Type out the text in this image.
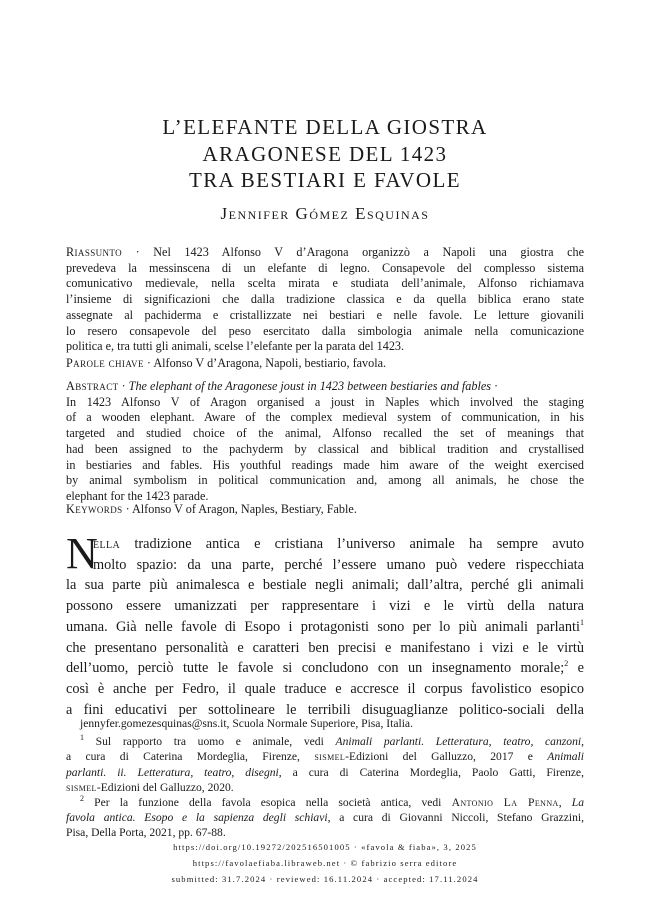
L’ELEFANTE DELLA GIOSTRA
ARAGONESE DEL 1423
TRA BESTIARI E FAVOLE
Jennifer Gómez Esquinas
Riassunto · Nel 1423 Alfonso V d’Aragona organizzò a Napoli una giostra che
prevedeva la messinscena di un elefante di legno. Consapevole del complesso sistema
comunicativo medievale, nella scelta mirata e studiata dell’animale, Alfonso richiamava
l’insieme di significazioni che dalla tradizione classica e da quella biblica erano state
assegnate al pachiderma e cristallizzate nei bestiari e nelle favole. Le letture giovanili
lo resero consapevole del peso esercitato dalla simbologia animale nella comunicazione
politica e, tra tutti gli animali, scelse l’elefante per la parata del 1423.
Parole chiave · Alfonso V d’Aragona, Napoli, bestiario, favola.
Abstract · The elephant of the Aragonese joust in 1423 between bestiaries and fables ·
In 1423 Alfonso V of Aragon organised a joust in Naples which involved the staging
of a wooden elephant. Aware of the complex medieval system of communication, in his
targeted and studied choice of the animal, Alfonso recalled the set of meanings that
had been assigned to the pachyderm by classical and biblical tradition and crystallised
in bestiaries and fables. His youthful readings made him aware of the weight exercised
by animal symbolism in political communication and, among all animals, he chose the
elephant for the 1423 parade.
Keywords · Alfonso V of Aragon, Naples, Bestiary, Fable.
N
ella tradizione antica e cristiana l’universo animale ha sempre avuto
molto spazio: da una parte, perché l’essere umano può vedere rispecchiata
la sua parte più animalesca e bestiale negli animali; dall’altra, perché gli animali
possono essere umanizzati per rappresentare i vizi e le virtù della natura
umana. Già nelle favole di Esopo i protagonisti sono per lo più animali parlanti$^1$
che presentano personalità e caratteri ben precisi e manifestano i vizi e le virtù
dell’uomo, perciò tutte le favole si concludono con un insegnamento morale;$^2$ e
così è anche per Fedro, il quale traduce e accresce il corpus favolistico esopico
a fini educativi per sottolineare le terribili disuguaglianze politico-sociali della
jennyfer.gomezesquinas@sns.it, Scuola Normale Superiore, Pisa, Italia.
$^1$ Sul rapporto tra uomo e animale, vedi Animali parlanti. Letteratura, teatro, canzoni,
a cura di Caterina Mordeglia, Firenze, sismel-Edizioni del Galluzzo, 2017 e Animali
parlanti. ii. Letteratura, teatro, disegni, a cura di Caterina Mordeglia, Paolo Gatti, Firenze,
sismel-Edizioni del Galluzzo, 2020.
$^2$ Per la funzione della favola esopica nella società antica, vedi Antonio La Penna, La
favola antica. Esopo e la sapienza degli schiavi, a cura di Giovanni Niccoli, Stefano Grazzini,
Pisa, Della Porta, 2021, pp. 67-88.
https://doi.org/10.19272/202516501005 · «favola & fiaba», 3, 2025
https://favolaefiaba.libraweb.net · © fabrizio serra editore
submitted: 31.7.2024 · reviewed: 16.11.2024 · accepted: 17.11.2024
